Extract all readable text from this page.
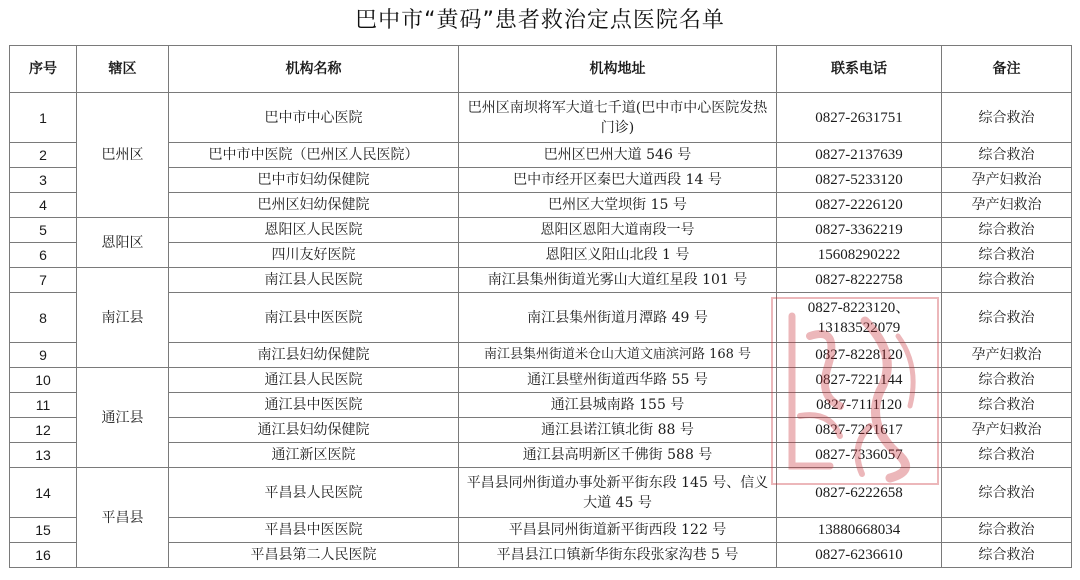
巴中市“黄码”患者救治定点医院名单
序号	辖区	机构名称	机构地址	联系电话	备注
1	巴州区	巴中市中心医院	巴州区南坝将军大道七千道(巴中市中心医院发热门诊)	0827-2631751	综合救治
2		巴中市中医院（巴州区人民医院）	巴州区巴州大道 546 号	0827-2137639	综合救治
3		巴中市妇幼保健院	巴中市经开区秦巴大道西段 14 号	0827-5233120	孕产妇救治
4		巴州区妇幼保健院	巴州区大堂坝街 15 号	0827-2226120	孕产妇救治
5	恩阳区	恩阳区人民医院	恩阳区恩阳大道南段一号	0827-3362219	综合救治
6		四川友好医院	恩阳区义阳山北段 1 号	15608290222	综合救治
7	南江县	南江县人民医院	南江县集州街道光雾山大道红星段 101 号	0827-8222758	综合救治
8		南江县中医医院	南江县集州街道月潭路 49 号	0827-8223120、13183522079	综合救治
9		南江县妇幼保健院	南江县集州街道米仓山大道文庙滨河路 168 号	0827-8228120	孕产妇救治
10	通江县	通江县人民医院	通江县壁州街道西华路 55 号	0827-7221144	综合救治
11		通江县中医医院	通江县城南路 155 号	0827-7111120	综合救治
12		通江县妇幼保健院	通江县诺江镇北街 88 号	0827-7221617	孕产妇救治
13		通江新区医院	通江县高明新区千佛街 588 号	0827-7336057	综合救治
14	平昌县	平昌县人民医院	平昌县同州街道办事处新平街东段 145 号、信义大道 45 号	0827-6222658	综合救治
15		平昌县中医医院	平昌县同州街道新平街西段 122 号	13880668034	综合救治
16		平昌县第二人民医院	平昌县江口镇新华街东段张家沟巷 5 号	0827-6236610	综合救治
